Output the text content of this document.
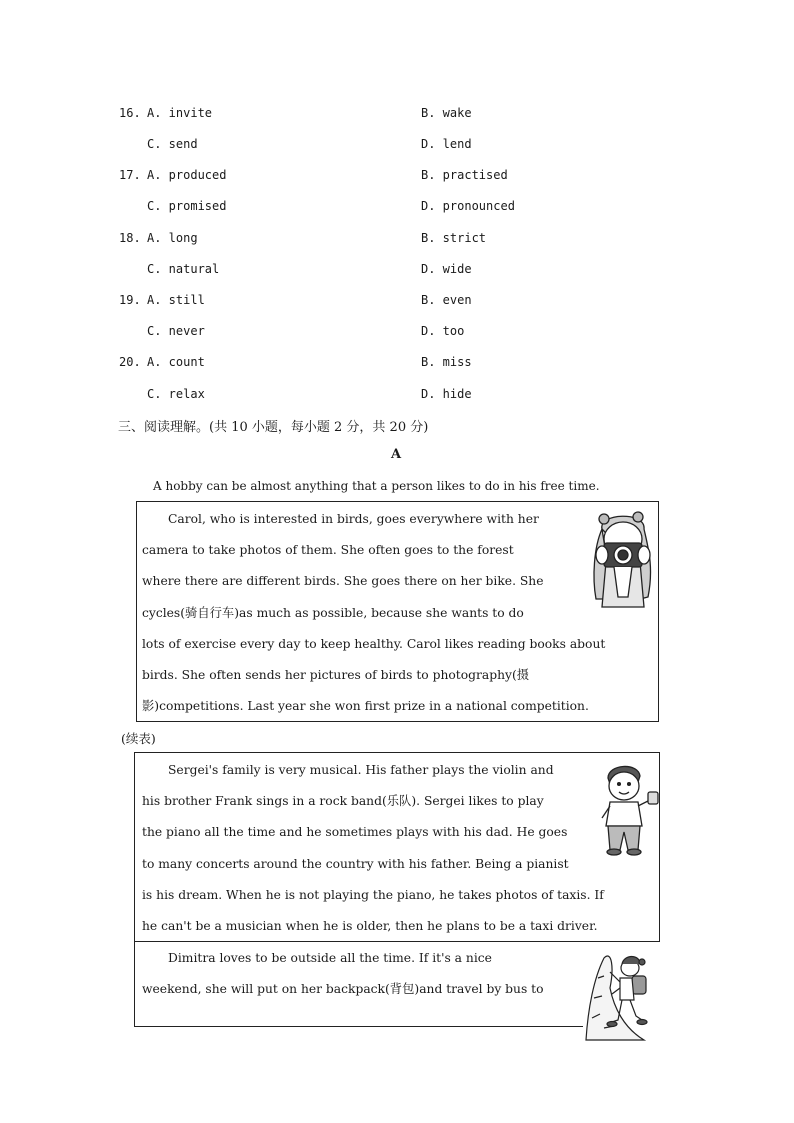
16. A. invite	B. wake
C. send	D. lend
17. A. produced	B. practised
C. promised	D. pronounced
18. A. long	B. strict
C. natural	D. wide
19. A. still	B. even
C. never	D. too
20. A. count	B. miss
C. relax	D. hide
三、阅读理解。(共 10 小题，每小题 2 分，共 20 分)
A
A hobby can be almost anything that a person likes to do in his free time.
Carol, who is interested in birds, goes everywhere with her
camera to take photos of them. She often goes to the forest
where there are different birds. She goes there on her bike. She
cycles(骑自行车)as much as possible, because she wants to do
lots of exercise every day to keep healthy. Carol likes reading books about
birds. She often sends her pictures of birds to photography(摄
影)competitions. Last year she won first prize in a national competition.
(续表)
Sergei's family is very musical. His father plays the violin and
his brother Frank sings in a rock band(乐队). Sergei likes to play
the piano all the time and he sometimes plays with his dad. He goes
to many concerts around the country with his father. Being a pianist
is his dream. When he is not playing the piano, he takes photos of taxis. If
he can't be a musician when he is older, then he plans to be a taxi driver.
Dimitra loves to be outside all the time. If it's a nice
weekend, she will put on her backpack(背包)and travel by bus to
